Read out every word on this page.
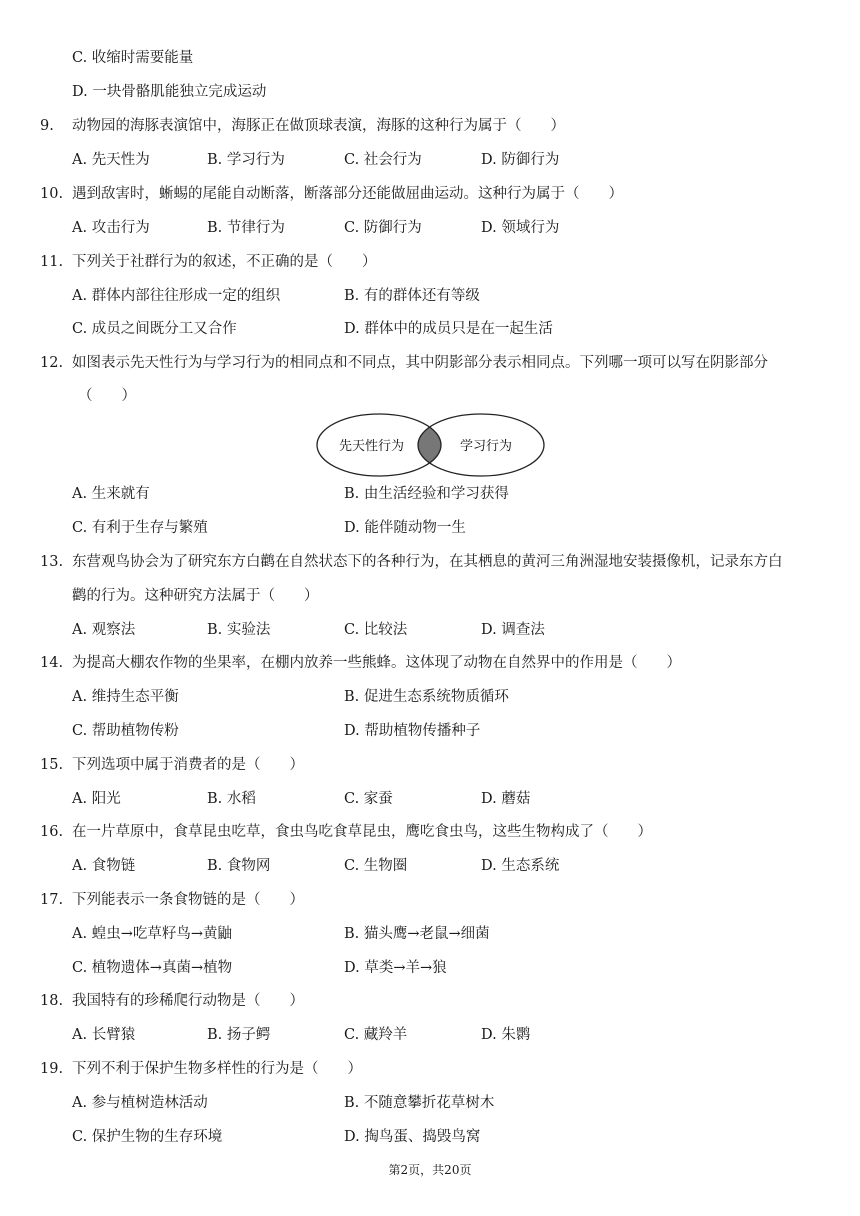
C. 收缩时需要能量
D. 一块骨骼肌能独立完成运动
9.	动物园的海豚表演馆中，海豚正在做顶球表演，海豚的这种行为属于（　　）
A. 先天性为	B. 学习行为	C. 社会行为	D. 防御行为
10. 遇到敌害时，蜥蜴的尾能自动断落，断落部分还能做屈曲运动。这种行为属于（　　）
A. 攻击行为	B. 节律行为	C. 防御行为	D. 领域行为
11. 下列关于社群行为的叙述，不正确的是（　　）
A. 群体内部往往形成一定的组织	B. 有的群体还有等级
C. 成员之间既分工又合作	D. 群体中的成员只是在一起生活
12. 如图表示先天性行为与学习行为的相同点和不同点，其中阴影部分表示相同点。下列哪一项可以写在阴影部分
（　　）
先天性行为	学习行为
A. 生来就有	B. 由生活经验和学习获得
C. 有利于生存与繁殖	D. 能伴随动物一生
13. 东营观鸟协会为了研究东方白鹳在自然状态下的各种行为，在其栖息的黄河三角洲湿地安装摄像机，记录东方白
鹳的行为。这种研究方法属于（　　）
A. 观察法	B. 实验法	C. 比较法	D. 调查法
14. 为提高大棚农作物的坐果率，在棚内放养一些熊蜂。这体现了动物在自然界中的作用是（　　）
A. 维持生态平衡	B. 促进生态系统物质循环
C. 帮助植物传粉	D. 帮助植物传播种子
15. 下列选项中属于消费者的是（　　）
A. 阳光	B. 水稻	C. 家蚕	D. 蘑菇
16. 在一片草原中，食草昆虫吃草，食虫鸟吃食草昆虫，鹰吃食虫鸟，这些生物构成了（　　）
A. 食物链	B. 食物网	C. 生物圈	D. 生态系统
17. 下列能表示一条食物链的是（　　）
A. 蝗虫→吃草籽鸟→黄鼬	B. 猫头鹰→老鼠→细菌
C. 植物遗体→真菌→植物	D. 草类→羊→狼
18. 我国特有的珍稀爬行动物是（　　）
A. 长臂猿	B. 扬子鳄	C. 藏羚羊	D. 朱鹮
19. 下列不利于保护生物多样性的行为是（　　）
A. 参与植树造林活动	B. 不随意攀折花草树木
C. 保护生物的生存环境	D. 掏鸟蛋、捣毁鸟窝
第2页，共20页
